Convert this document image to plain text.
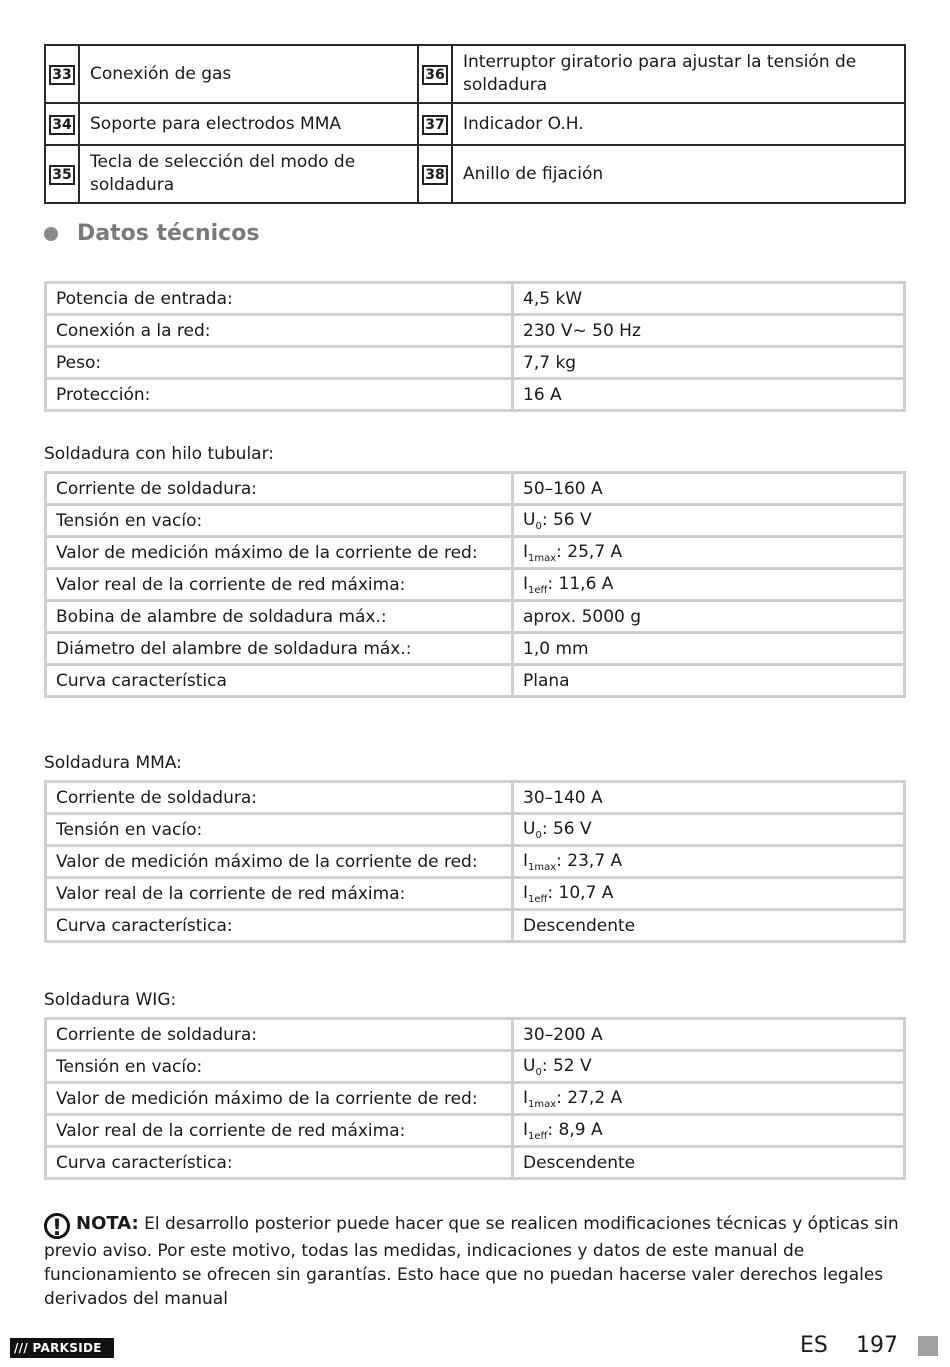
33	Conexión de gas	36	Interruptor giratorio para ajustar la tensión de soldadura
34	Soporte para electrodos MMA	37	Indicador O.H.
35	Tecla de selección del modo de soldadura	38	Anillo de fijación
Datos técnicos
Potencia de entrada:	4,5 kW
Conexión a la red:	230 V~ 50 Hz
Peso:	7,7 kg
Protección:	16 A
Soldadura con hilo tubular:
Corriente de soldadura:	50–160 A
Tensión en vacío:	$U_0$: 56 V
Valor de medición máximo de la corriente de red:	$I_{1max}$: 25,7 A
Valor real de la corriente de red máxima:	$I_{1eff}$: 11,6 A
Bobina de alambre de soldadura máx.:	aprox. 5000 g
Diámetro del alambre de soldadura máx.:	1,0 mm
Curva característica	Plana
Soldadura MMA:
Corriente de soldadura:	30–140 A
Tensión en vacío:	$U_0$: 56 V
Valor de medición máximo de la corriente de red:	$I_{1max}$: 23,7 A
Valor real de la corriente de red máxima:	$I_{1eff}$: 10,7 A
Curva característica:	Descendente
Soldadura WIG:
Corriente de soldadura:	30–200 A
Tensión en vacío:	$U_0$: 52 V
Valor de medición máximo de la corriente de red:	$I_{1max}$: 27,2 A
Valor real de la corriente de red máxima:	$I_{1eff}$: 8,9 A
Curva característica:	Descendente
! NOTA: El desarrollo posterior puede hacer que se realicen modificaciones técnicas y ópticas sin previo aviso. Por este motivo, todas las medidas, indicaciones y datos de este manual de funcionamiento se ofrecen sin garantías. Esto hace que no puedan hacerse valer derechos legales derivados del manual
/// PARKSIDE	ES 197
